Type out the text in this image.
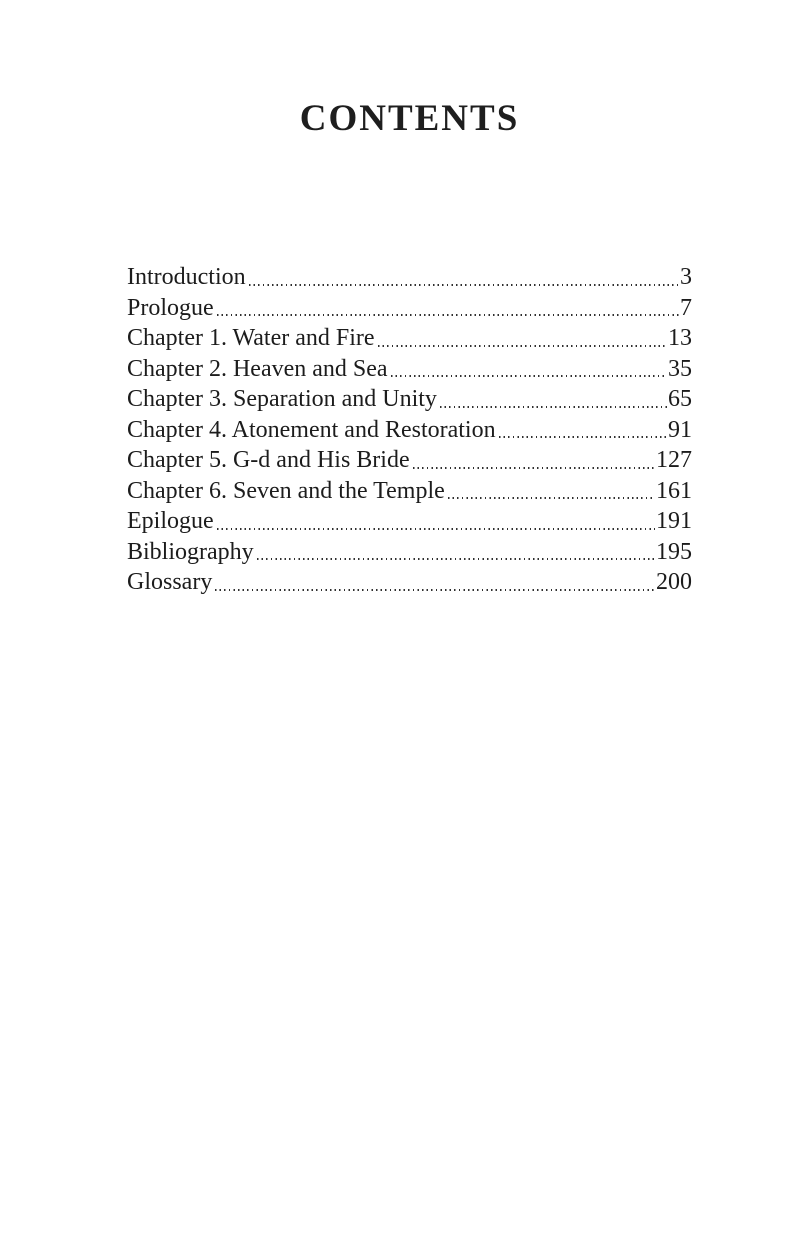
CONTENTS
Introduction	3
Prologue	7
Chapter 1. Water and Fire	13
Chapter 2. Heaven and Sea	35
Chapter 3. Separation and Unity	65
Chapter 4. Atonement and Restoration	91
Chapter 5. G-d and His Bride	127
Chapter 6. Seven and the Temple	161
Epilogue	191
Bibliography	195
Glossary	200
